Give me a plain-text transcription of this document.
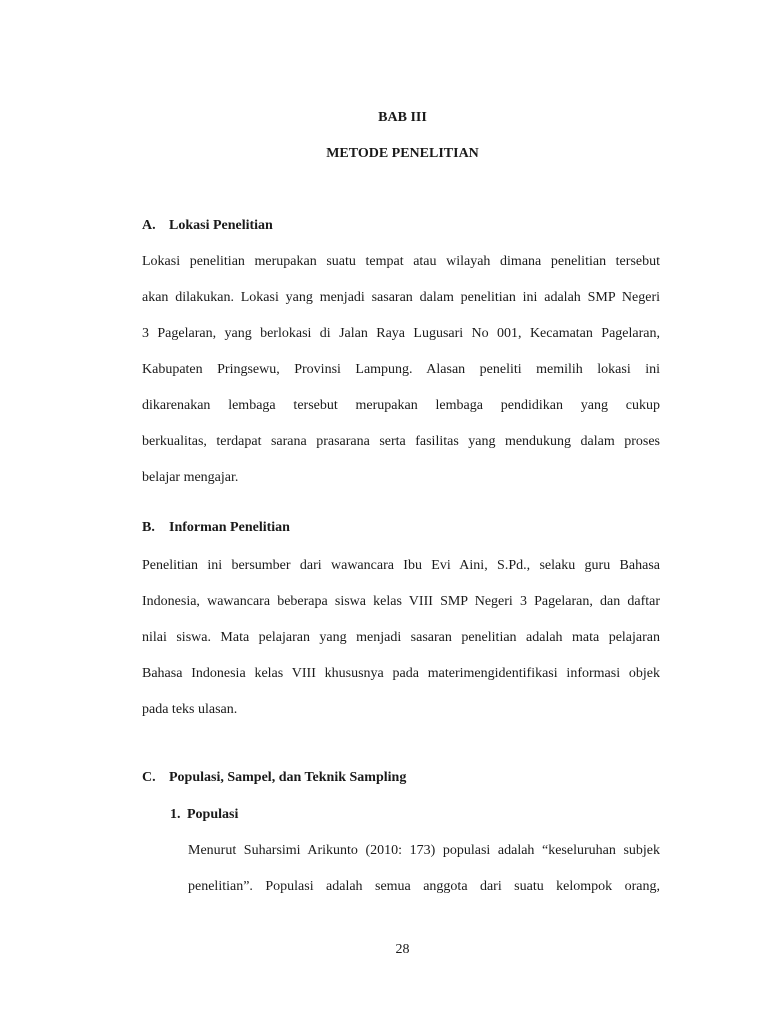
BAB III
METODE PENELITIAN
A. Lokasi Penelitian
Lokasi penelitian merupakan suatu tempat atau wilayah dimana penelitian tersebut
akan dilakukan. Lokasi yang menjadi sasaran dalam penelitian ini adalah SMP Negeri
3 Pagelaran, yang berlokasi di Jalan Raya Lugusari No 001, Kecamatan Pagelaran,
Kabupaten Pringsewu, Provinsi Lampung. Alasan peneliti memilih lokasi ini
dikarenakan lembaga tersebut merupakan lembaga pendidikan yang cukup
berkualitas, terdapat sarana prasarana serta fasilitas yang mendukung dalam proses
belajar mengajar.
B. Informan Penelitian
Penelitian ini bersumber dari wawancara Ibu Evi Aini, S.Pd., selaku guru Bahasa
Indonesia, wawancara beberapa siswa kelas VIII SMP Negeri 3 Pagelaran, dan daftar
nilai siswa. Mata pelajaran yang menjadi sasaran penelitian adalah mata pelajaran
Bahasa Indonesia kelas VIII khususnya pada materimengidentifikasi informasi objek
pada teks ulasan.
C. Populasi, Sampel, dan Teknik Sampling
1. Populasi
Menurut Suharsimi Arikunto (2010: 173) populasi adalah “keseluruhan subjek
penelitian”. Populasi adalah semua anggota dari suatu kelompok orang,
28
